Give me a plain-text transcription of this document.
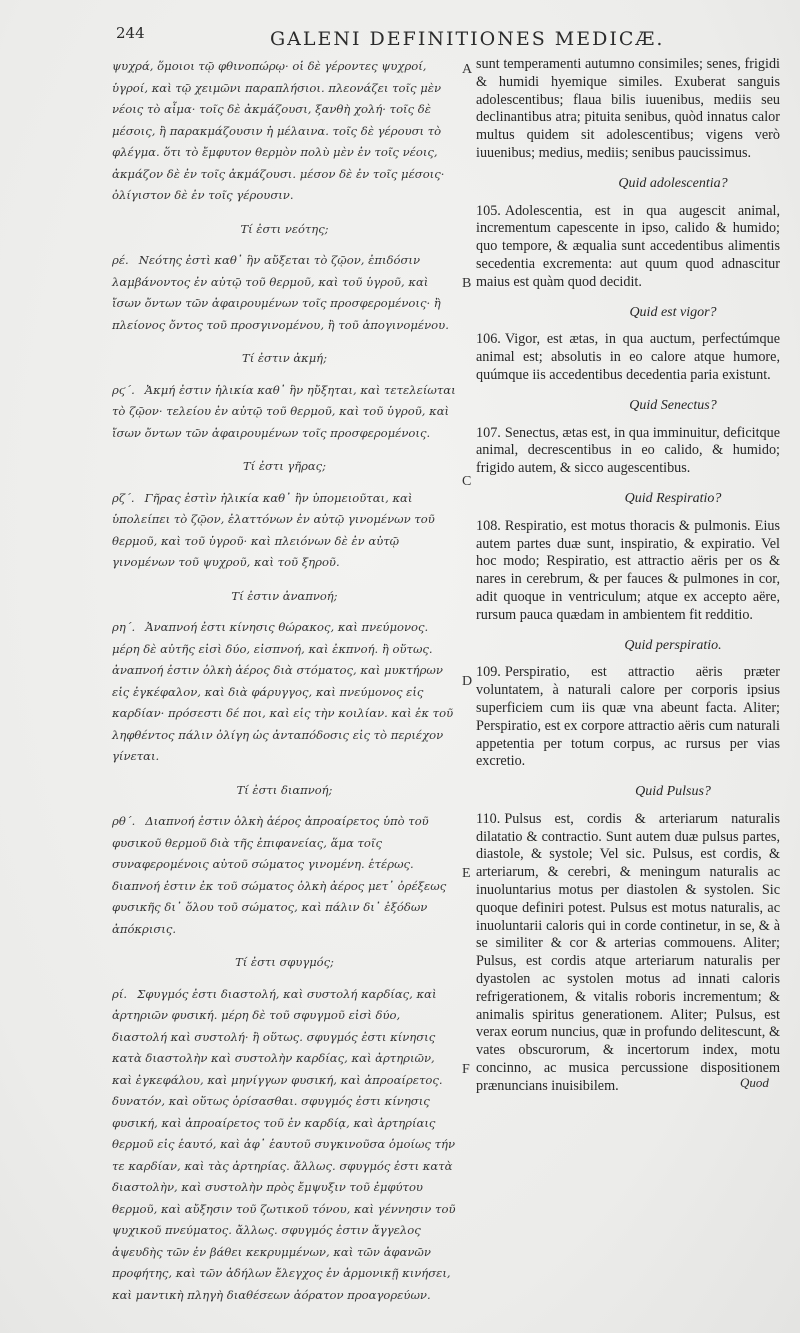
244	GALENI DEFINITIONES MEDICÆ.

ψυχρά, ὅμοιοι τῷ φθινοπώρῳ· οἱ δὲ γέροντες ψυχροί, ὑγροί, καὶ τῷ χειμῶνι παραπλήσιοι. πλεονάζει τοῖς μὲν νέοις τὸ αἷμα· τοῖς δὲ ἀκμάζουσι, ξανθὴ χολή· τοῖς δὲ μέσοις, ἢ παρακμάζουσιν ἡ μέλαινα. τοῖς δὲ γέρουσι τὸ φλέγμα. ὅτι τὸ ἔμφυτον θερμὸν πολὺ μὲν ἐν τοῖς νέοις, ἀκμάζον δὲ ἐν τοῖς ἀκμάζουσι. μέσον δὲ ἐν τοῖς μέσοις· ὀλίγιστον δὲ ἐν τοῖς γέρουσιν.

Τί ἐστι νεότης;

ρέ. Νεότης ἐστὶ καθ᾽ ἣν αὔξεται τὸ ζῷον, ἐπιδόσιν λαμβάνοντος ἐν αὐτῷ τοῦ θερμοῦ, καὶ τοῦ ὑγροῦ, καὶ ἴσων ὄντων τῶν ἀφαιρουμένων τοῖς προσφερομένοις· ἢ πλείονος ὄντος τοῦ προσγινομένου, ἢ τοῦ ἀπογινομένου.

Τί ἐστιν ἀκμή;

ρϛ΄. Ἀκμή ἐστιν ἡλικία καθ᾽ ἣν ηὔξηται, καὶ τετελείωται τὸ ζῷον· τελείου ἐν αὐτῷ τοῦ θερμοῦ, καὶ τοῦ ὑγροῦ, καὶ ἴσων ὄντων τῶν ἀφαιρουμένων τοῖς προσφερομένοις.

Τί ἐστι γῆρας;

ρζ΄. Γῆρας ἐστὶν ἡλικία καθ᾽ ἣν ὑπομειοῦται, καὶ ὑπολείπει τὸ ζῷον, ἐλαττόνων ἐν αὐτῷ γινομένων τοῦ θερμοῦ, καὶ τοῦ ὑγροῦ· καὶ πλειόνων δὲ ἐν αὐτῷ γινομένων τοῦ ψυχροῦ, καὶ τοῦ ξηροῦ.

Τί ἐστιν ἀναπνοή;

ρη΄. Ἀναπνοή ἐστι κίνησις θώρακος, καὶ πνεύμονος. μέρη δὲ αὐτῆς εἰσὶ δύο, εἰσπνοή, καὶ ἐκπνοή. ἢ οὕτως. ἀναπνοή ἐστιν ὁλκὴ ἀέρος διὰ στόματος, καὶ μυκτήρων εἰς ἐγκέφαλον, καὶ διὰ φάρυγγος, καὶ πνεύμονος εἰς καρδίαν· πρόσεστι δέ ποι, καὶ εἰς τὴν κοιλίαν. καὶ ἐκ τοῦ ληφθέντος πάλιν ὀλίγη ὡς ἀνταπόδοσις εἰς τὸ περιέχον γίνεται.

Τί ἐστι διαπνοή;

ρθ΄. Διαπνοή ἐστιν ὁλκὴ ἀέρος ἀπροαίρετος ὑπὸ τοῦ φυσικοῦ θερμοῦ διὰ τῆς ἐπιφανείας, ἅμα τοῖς συναφερομένοις αὐτοῦ σώματος γινομένη. ἑτέρως. διαπνοή ἐστιν ἐκ τοῦ σώματος ὁλκὴ ἀέρος μετ᾽ ὀρέξεως φυσικῆς δι᾽ ὅλου τοῦ σώματος, καὶ πάλιν δι᾽ ἐξόδων ἀπόκρισις.

Τί ἐστι σφυγμός;

ρί. Σφυγμός ἐστι διαστολή, καὶ συστολή καρδίας, καὶ ἀρτηριῶν φυσική. μέρη δὲ τοῦ σφυγμοῦ εἰσὶ δύο, διαστολή καὶ συστολή· ἢ οὕτως. σφυγμός ἐστι κίνησις κατὰ διαστολὴν καὶ συστολὴν καρδίας, καὶ ἀρτηριῶν, καὶ ἐγκεφάλου, καὶ μηνίγγων φυσική, καὶ ἀπροαίρετος. δυνατόν, καὶ οὕτως ὁρίσασθαι. σφυγμός ἐστι κίνησις φυσική, καὶ ἀπροαίρετος τοῦ ἐν καρδίᾳ, καὶ ἀρτηρίαις θερμοῦ εἰς ἑαυτό, καὶ ἀφ᾽ ἑαυτοῦ συγκινοῦσα ὁμοίως τήν τε καρδίαν, καὶ τὰς ἀρτηρίας. ἄλλως. σφυγμός ἐστι κατὰ διαστολὴν, καὶ συστολὴν πρὸς ἔμψυξιν τοῦ ἐμφύτου θερμοῦ, καὶ αὔξησιν τοῦ ζωτικοῦ τόνου, καὶ γέννησιν τοῦ ψυχικοῦ πνεύματος. ἄλλως. σφυγμός ἐστιν ἄγγελος ἀψευδὴς τῶν ἐν βάθει κεκρυμμένων, καὶ τῶν ἀφανῶν προφήτης, καὶ τῶν ἀδήλων ἔλεγχος ἐν ἁρμονικῇ κινήσει, καὶ μαντικὴ πληγὴ διαθέσεων ἀόρατον προαγορεύων.

A
B
C
D
E
F

sunt temperamenti autumno consimiles; senes, frigidi & humidi hyemique similes. Exuberat sanguis adolescentibus; flaua bilis iuuenibus, mediis seu declinantibus atra; pituita senibus, quòd innatus calor multus quidem sit adolescentibus; vigens verò iuuenibus; medius, mediis; senibus paucissimus.

Quid adolescentia?

105. Adolescentia, est in qua augescit animal, incrementum capescente in ipso, calido & humido; quo tempore, & æqualia sunt accedentibus alimentis secedentia excrementa: aut quum quod adnascitur maius est quàm quod decidit.

Quid est vigor?

106. Vigor, est ætas, in qua auctum, perfectúmque animal est; absolutis in eo calore atque humore, quúmque iis accedentibus decedentia paria existunt.

Quid Senectus?

107. Senectus, ætas est, in qua imminuitur, deficitque animal, decrescentibus in eo calido, & humido; frigido autem, & sicco augescentibus.

Quid Respiratio?

108. Respiratio, est motus thoracis & pulmonis. Eius autem partes duæ sunt, inspiratio, & expiratio. Vel hoc modo; Respiratio, est attractio aëris per os & nares in cerebrum, & per fauces & pulmones in cor, adit quoque in ventriculum; atque ex accepto aëre, rursum pauca quædam in ambientem fit redditio.

Quid perspiratio.

109. Perspiratio, est attractio aëris præter voluntatem, à naturali calore per corporis ipsius superficiem cum iis quæ vna abeunt facta. Aliter; Perspiratio, est ex corpore attractio aëris cum naturali appetentia per totum corpus, ac rursus per vias excretio.

Quid Pulsus?

110. Pulsus est, cordis & arteriarum naturalis dilatatio & contractio. Sunt autem duæ pulsus partes, diastole, & systole; Vel sic. Pulsus, est cordis, & arteriarum, & cerebri, & meningum naturalis ac inuoluntarius motus per diastolen & systolen. Sic quoque definiri potest. Pulsus est motus naturalis, ac inuoluntarii caloris qui in corde continetur, in se, & à se similiter & cor & arterias commouens. Aliter; Pulsus, est cordis atque arteriarum naturalis per dyastolen ac systolen motus ad innati caloris refrigerationem, & vitalis roboris incrementum; & animalis spiritus generationem. Aliter; Pulsus, est verax eorum nuncius, quæ in profundo delitescunt, & vates obscurorum, & incertorum index, motu concinno, ac musica percussione dispositionem prænuncians inuisibilem.	Quod
